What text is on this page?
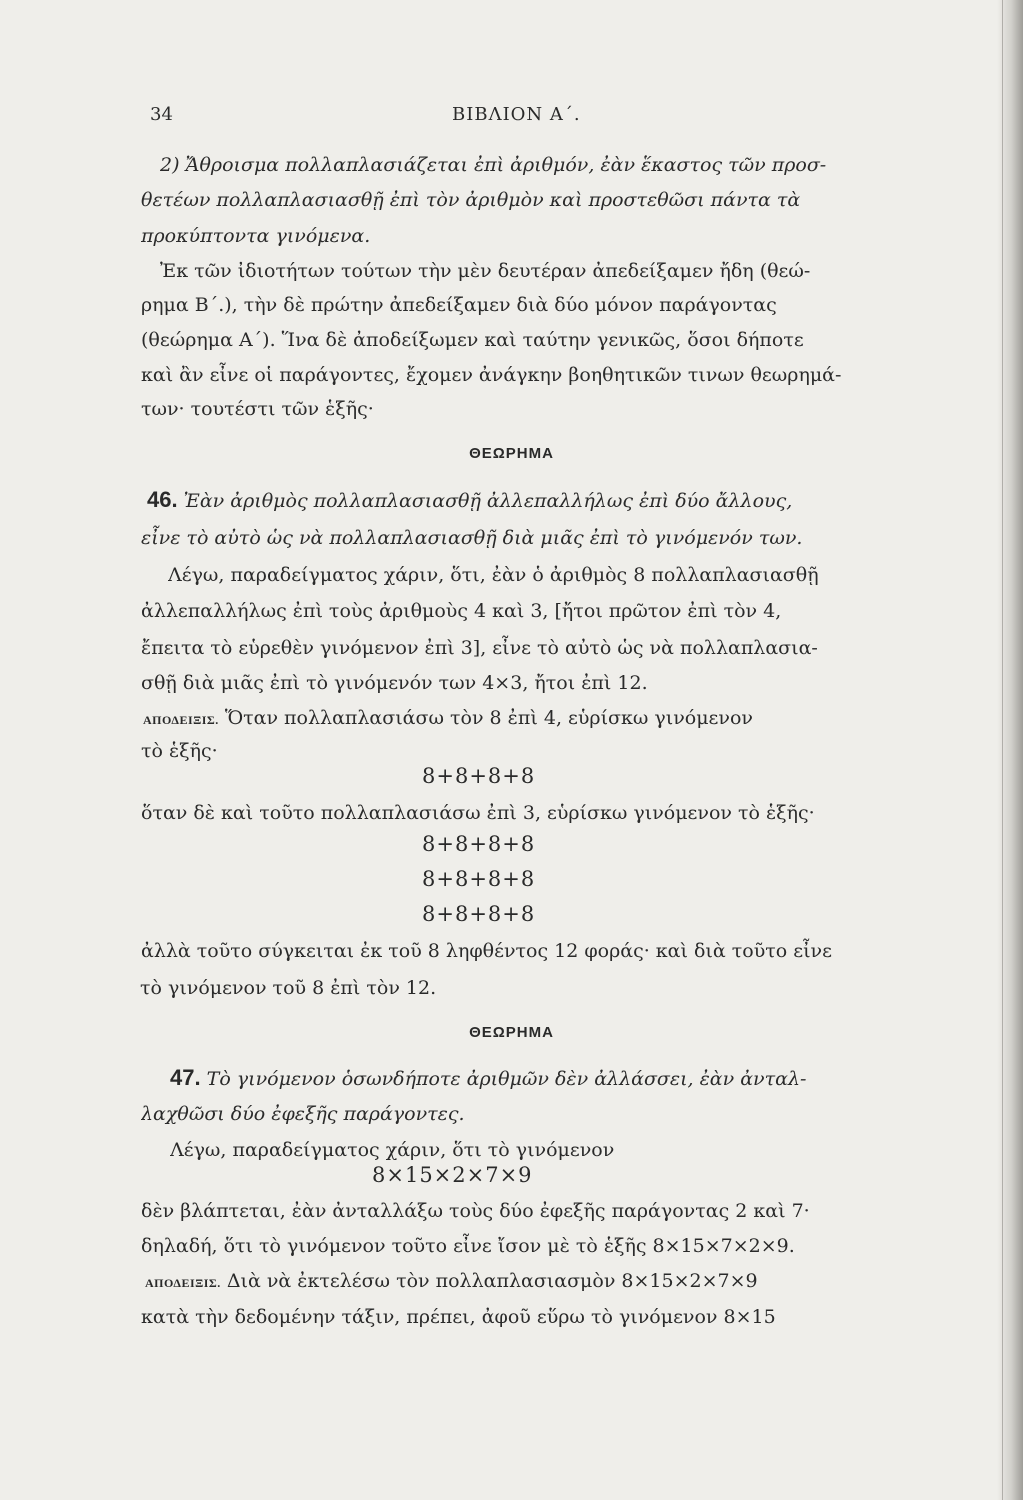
34	ΒΙΒΛΙΟΝ Α΄.
2) Ἄθροισμα πολλαπλασιάζεται ἐπὶ ἀριθμόν, ἐὰν ἕκαστος τῶν προσ-
θετέων πολλαπλασιασθῇ ἐπὶ τὸν ἀριθμὸν καὶ προστεθῶσι πάντα τὰ
προκύπτοντα γινόμενα.
Ἐκ τῶν ἰδιοτήτων τούτων τὴν μὲν δευτέραν ἀπεδείξαμεν ἤδη (θεώ-
ρημα Β΄.), τὴν δὲ πρώτην ἀπεδείξαμεν διὰ δύο μόνον παράγοντας
(θεώρημα Α΄). Ἵνα δὲ ἀποδείξωμεν καὶ ταύτην γενικῶς, ὅσοι δήποτε
καὶ ἂν εἶνε οἱ παράγοντες, ἔχομεν ἀνάγκην βοηθητικῶν τινων θεωρημά-
των· τουτέστι τῶν ἑξῆς·
ΘΕΩΡΗΜΑ
46. Ἐὰν ἀριθμὸς πολλαπλασιασθῇ ἀλλεπαλλήλως ἐπὶ δύο ἄλλους,
εἶνε τὸ αὐτὸ ὡς νὰ πολλαπλασιασθῇ διὰ μιᾶς ἐπὶ τὸ γινόμενόν των.
Λέγω, παραδείγματος χάριν, ὅτι, ἐὰν ὁ ἀριθμὸς 8 πολλαπλασιασθῇ
ἀλλεπαλλήλως ἐπὶ τοὺς ἀριθμοὺς 4 καὶ 3, [ἤτοι πρῶτον ἐπὶ τὸν 4,
ἔπειτα τὸ εὑρεθὲν γινόμενον ἐπὶ 3], εἶνε τὸ αὐτὸ ὡς νὰ πολλαπλασια-
σθῇ διὰ μιᾶς ἐπὶ τὸ γινόμενόν των 4×3, ἤτοι ἐπὶ 12.
ΑΠΟΔΕΙΞΙΣ. Ὅταν πολλαπλασιάσω τὸν 8 ἐπὶ 4, εὑρίσκω γινόμενον
τὸ ἑξῆς·
8+8+8+8
ὅταν δὲ καὶ τοῦτο πολλαπλασιάσω ἐπὶ 3, εὑρίσκω γινόμενον τὸ ἑξῆς·
8+8+8+8
8+8+8+8
8+8+8+8
ἀλλὰ τοῦτο σύγκειται ἐκ τοῦ 8 ληφθέντος 12 φοράς· καὶ διὰ τοῦτο εἶνε
τὸ γινόμενον τοῦ 8 ἐπὶ τὸν 12.
ΘΕΩΡΗΜΑ
47. Τὸ γινόμενον ὁσωνδήποτε ἀριθμῶν δὲν ἀλλάσσει, ἐὰν ἀνταλ-
λαχθῶσι δύο ἐφεξῆς παράγοντες.
Λέγω, παραδείγματος χάριν, ὅτι τὸ γινόμενον
8×15×2×7×9
δὲν βλάπτεται, ἐὰν ἀνταλλάξω τοὺς δύο ἐφεξῆς παράγοντας 2 καὶ 7·
δηλαδή, ὅτι τὸ γινόμενον τοῦτο εἶνε ἴσον μὲ τὸ ἑξῆς 8×15×7×2×9.
ΑΠΟΔΕΙΞΙΣ. Διὰ νὰ ἐκτελέσω τὸν πολλαπλασιασμὸν 8×15×2×7×9
κατὰ τὴν δεδομένην τάξιν, πρέπει, ἀφοῦ εὕρω τὸ γινόμενον 8×15
